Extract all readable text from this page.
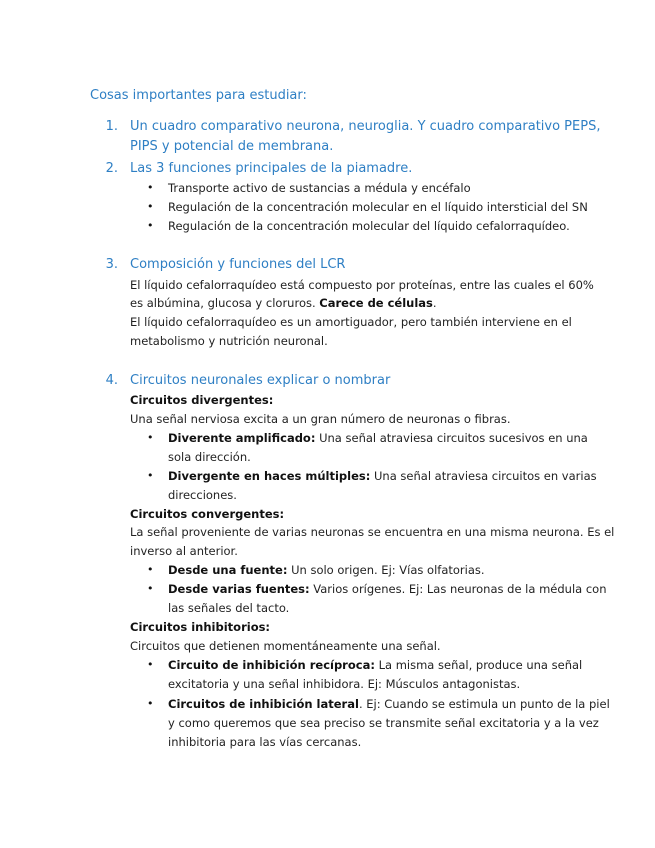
Cosas importantes para estudiar:
1. Un cuadro comparativo neurona, neuroglia. Y cuadro comparativo PEPS,
PIPS y potencial de membrana.
2. Las 3 funciones principales de la piamadre.
• Transporte activo de sustancias a médula y encéfalo
• Regulación de la concentración molecular en el líquido intersticial del SN
• Regulación de la concentración molecular del líquido cefalorraquídeo.
3. Composición y funciones del LCR
El líquido cefalorraquídeo está compuesto por proteínas, entre las cuales el 60%
es albúmina, glucosa y cloruros. Carece de células.
El líquido cefalorraquídeo es un amortiguador, pero también interviene en el
metabolismo y nutrición neuronal.
4. Circuitos neuronales explicar o nombrar
Circuitos divergentes:
Una señal nerviosa excita a un gran número de neuronas o fibras.
• Diverente amplificado: Una señal atraviesa circuitos sucesivos en una
sola dirección.
• Divergente en haces múltiples: Una señal atraviesa circuitos en varias
direcciones.
Circuitos convergentes:
La señal proveniente de varias neuronas se encuentra en una misma neurona. Es el
inverso al anterior.
• Desde una fuente: Un solo origen. Ej: Vías olfatorias.
• Desde varias fuentes: Varios orígenes. Ej: Las neuronas de la médula con
las señales del tacto.
Circuitos inhibitorios:
Circuitos que detienen momentáneamente una señal.
• Circuito de inhibición recíproca: La misma señal, produce una señal
excitatoria y una señal inhibidora. Ej: Músculos antagonistas.
• Circuitos de inhibición lateral. Ej: Cuando se estimula un punto de la piel
y como queremos que sea preciso se transmite señal excitatoria y a la vez
inhibitoria para las vías cercanas.
